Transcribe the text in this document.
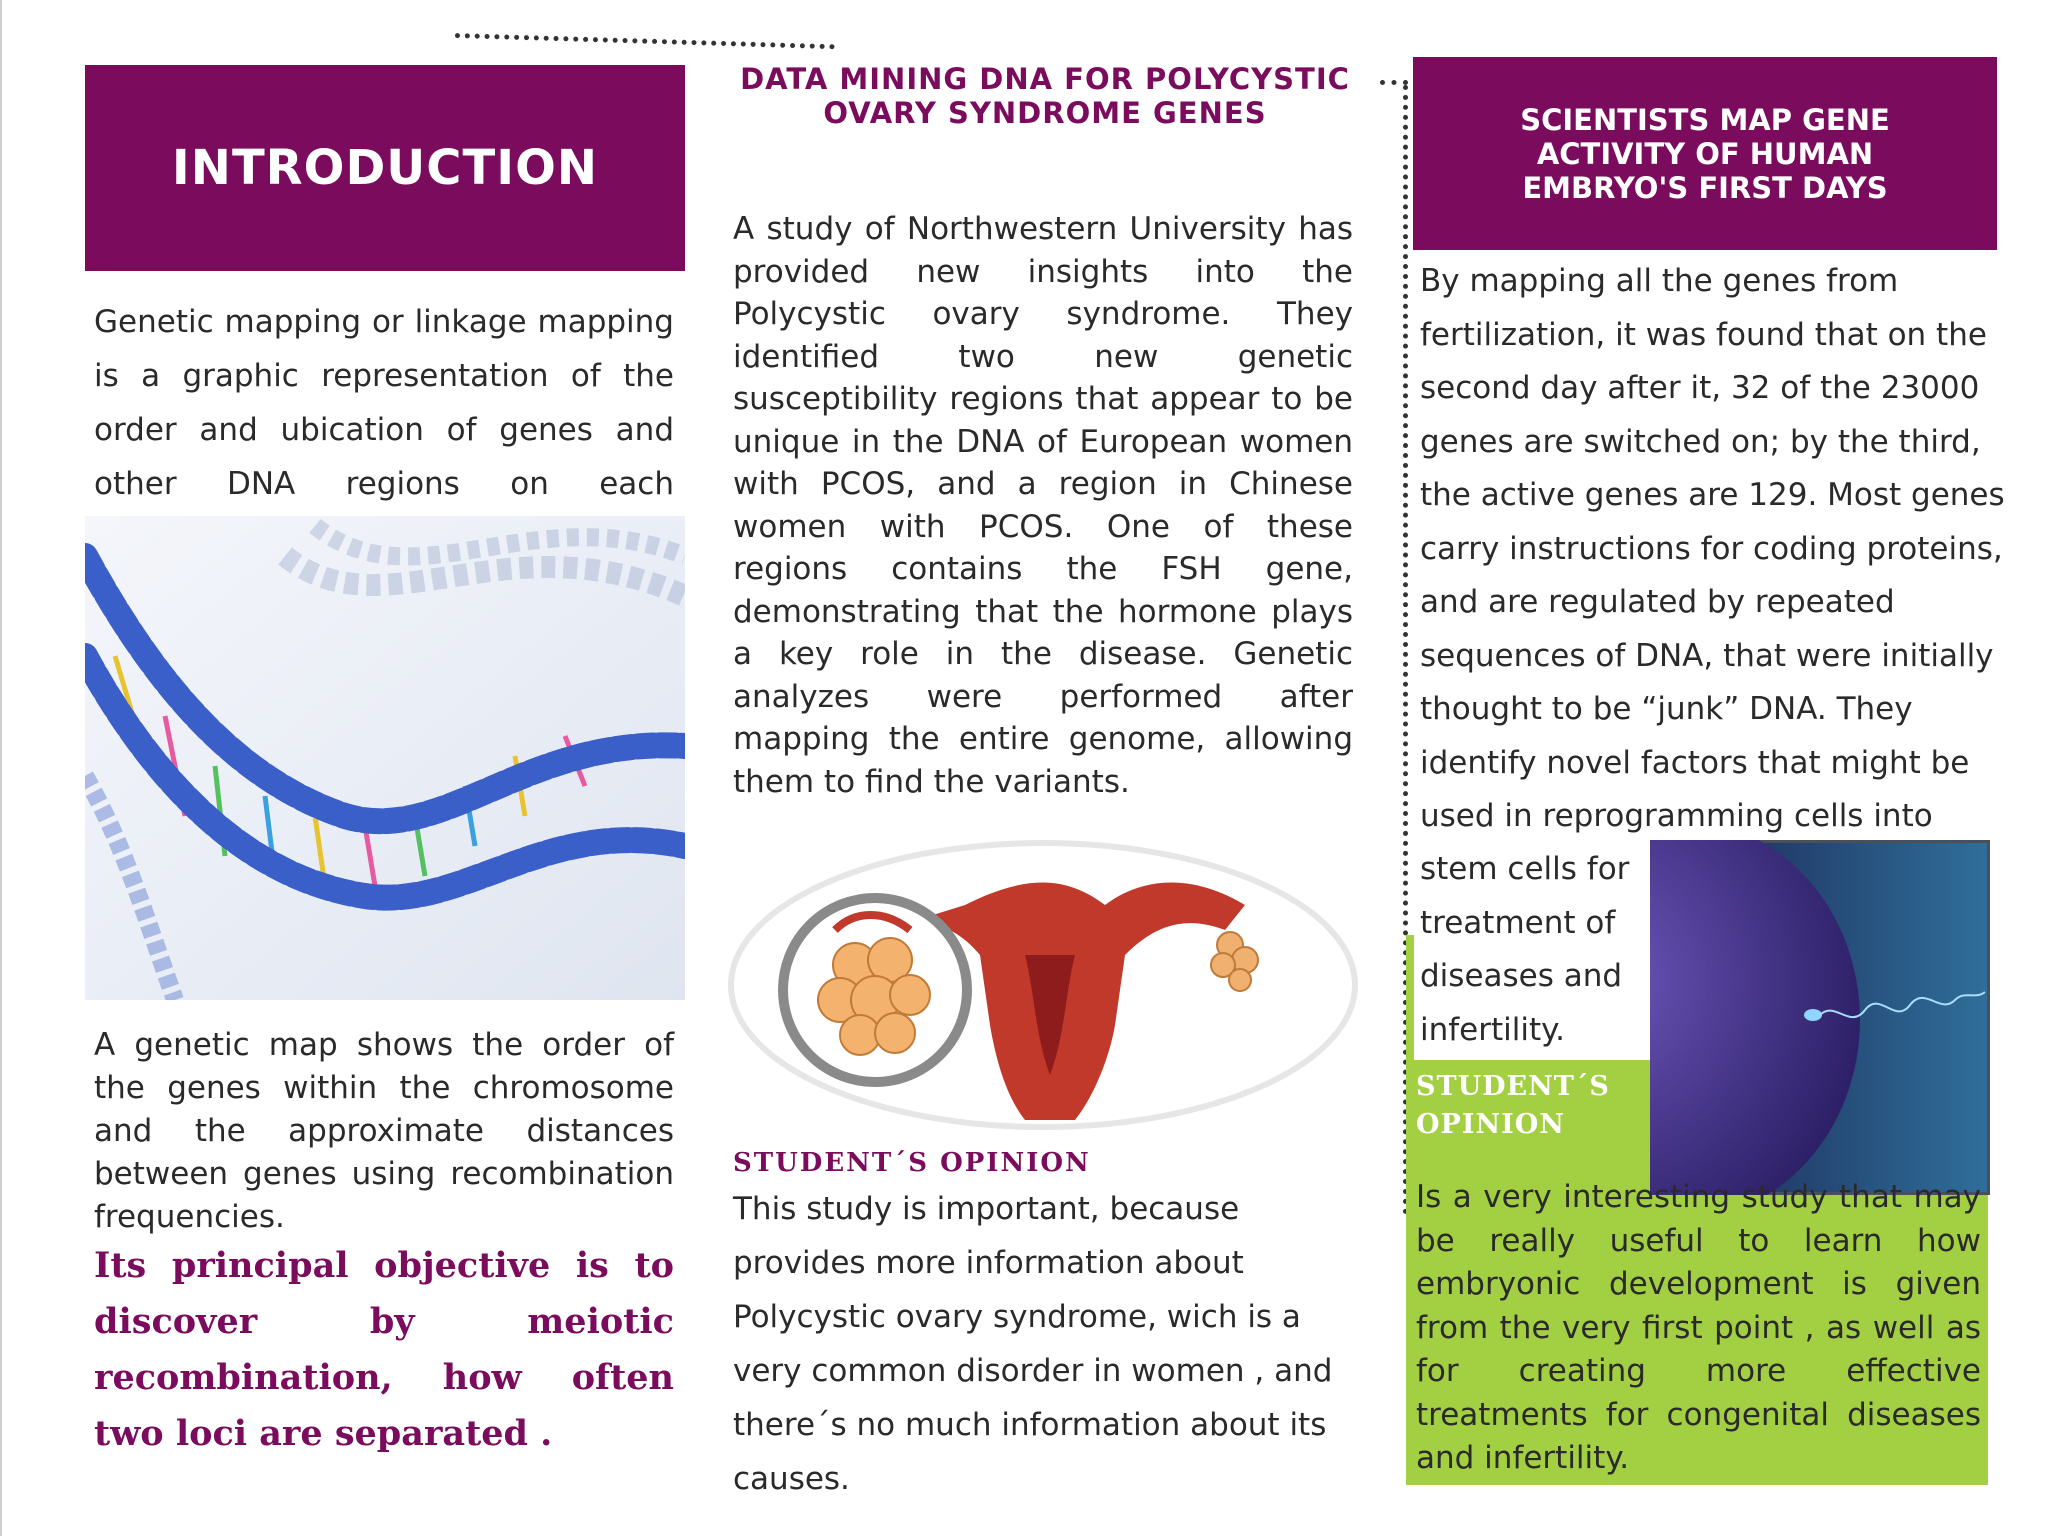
INTRODUCTION

Genetic mapping or linkage mapping is a graphic representation of the order and ubication of genes and other DNA regions on each

A genetic map shows the order of the genes within the chromosome and the approximate distances between genes using recombination frequencies.

Its principal objective is to discover by meiotic recombination, how often two loci are separated .

DATA MINING DNA FOR POLYCYSTIC OVARY SYNDROME GENES

A study of Northwestern University has provided new insights into the Polycystic ovary syndrome. They identified two new genetic susceptibility regions that appear to be unique in the DNA of European women with PCOS, and a region in Chinese women with PCOS. One of these regions contains the FSH gene, demonstrating that the hormone plays a key role in the disease. Genetic analyzes were performed after mapping the entire genome, allowing them to find the variants.

STUDENT´S OPINION

This study is important, because provides more information about Polycystic ovary syndrome, wich is a very common disorder in women , and there´s no much information about its causes.

SCIENTISTS MAP GENE ACTIVITY OF HUMAN EMBRYO'S FIRST DAYS

By mapping all the genes from fertilization, it was found that on the second day after it, 32 of the 23000 genes are switched on; by the third, the active genes are 129. Most genes carry instructions for coding proteins, and are regulated by repeated sequences of DNA, that were initially thought to be “junk” DNA. They identify novel factors that might be used in reprogramming cells into

stem cells for treatment of diseases and infertility.

STUDENT´S OPINION

Is a very interesting study that may be really useful to learn how embryonic development is given from the very first point , as well as for creating more effective treatments for congenital diseases and infertility.
